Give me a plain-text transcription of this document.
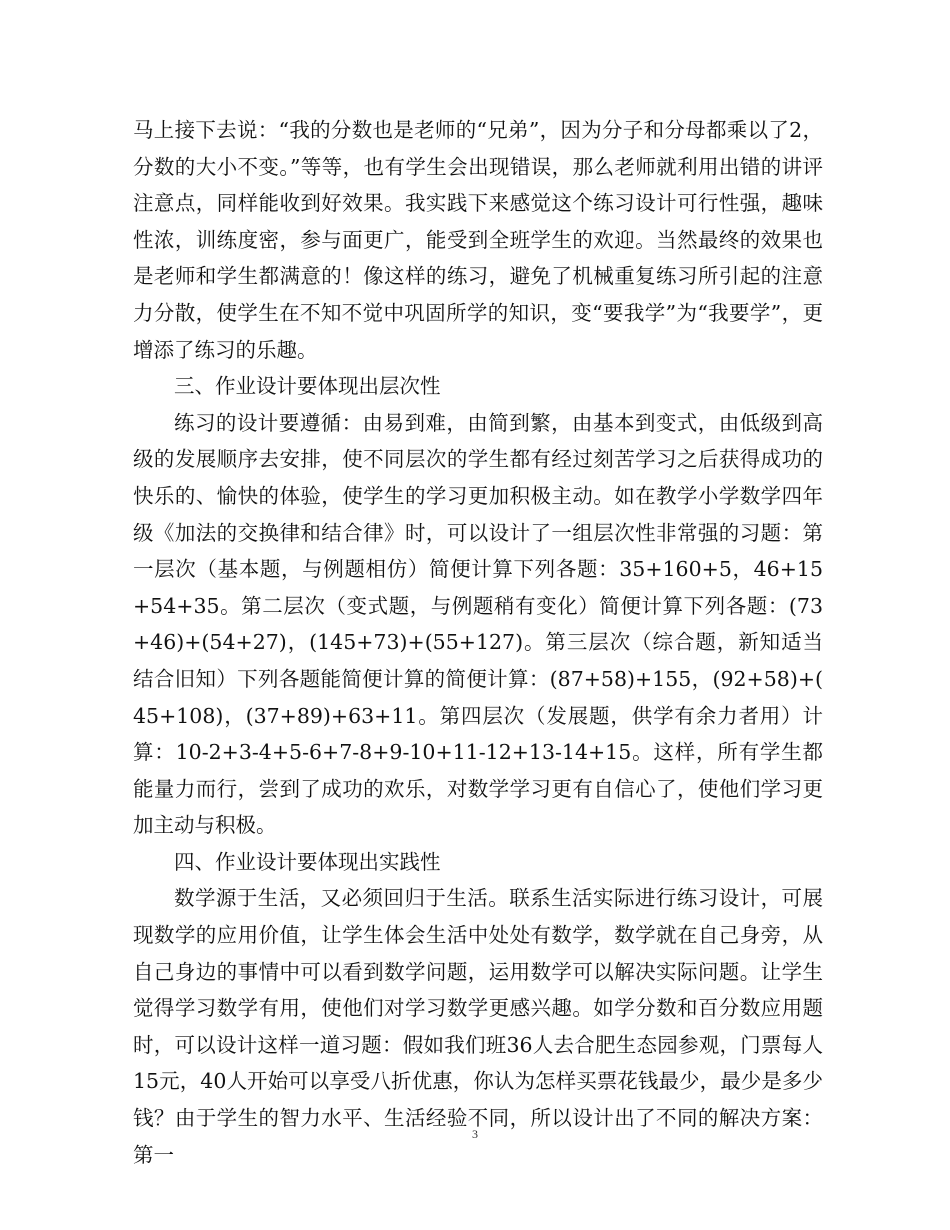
马上接下去说：“我的分数也是老师的“兄弟”，因为分子和分母都乘以了2，分数的大小不变。”等等，也有学生会出现错误，那么老师就利用出错的讲评注意点，同样能收到好效果。我实践下来感觉这个练习设计可行性强，趣味性浓，训练度密，参与面更广，能受到全班学生的欢迎。当然最终的效果也是老师和学生都满意的！像这样的练习，避免了机械重复练习所引起的注意力分散，使学生在不知不觉中巩固所学的知识，变“要我学”为“我要学”，更增添了练习的乐趣。

三、作业设计要体现出层次性

练习的设计要遵循：由易到难，由简到繁，由基本到变式，由低级到高级的发展顺序去安排，使不同层次的学生都有经过刻苦学习之后获得成功的快乐的、愉快的体验，使学生的学习更加积极主动。如在教学小学数学四年级《加法的交换律和结合律》时，可以设计了一组层次性非常强的习题：第一层次（基本题，与例题相仿）简便计算下列各题：35+160+5，46+15+54+35。第二层次（变式题，与例题稍有变化）简便计算下列各题：(73+46)+(54+27)，(145+73)+(55+127)。第三层次（综合题，新知适当结合旧知）下列各题能简便计算的简便计算：(87+58)+155，(92+58)+(45+108)，(37+89)+63+11。第四层次（发展题，供学有余力者用）计算：10-2+3-4+5-6+7-8+9-10+11-12+13-14+15。这样，所有学生都能量力而行，尝到了成功的欢乐，对数学学习更有自信心了，使他们学习更加主动与积极。

四、作业设计要体现出实践性

数学源于生活，又必须回归于生活。联系生活实际进行练习设计，可展现数学的应用价值，让学生体会生活中处处有数学，数学就在自己身旁，从自己身边的事情中可以看到数学问题，运用数学可以解决实际问题。让学生觉得学习数学有用，使他们对学习数学更感兴趣。如学分数和百分数应用题时，可以设计这样一道习题：假如我们班36人去合肥生态园参观，门票每人15元，40人开始可以享受八折优惠，你认为怎样买票花钱最少，最少是多少钱？由于学生的智力水平、生活经验不同，所以设计出了不同的解决方案：第一

3
